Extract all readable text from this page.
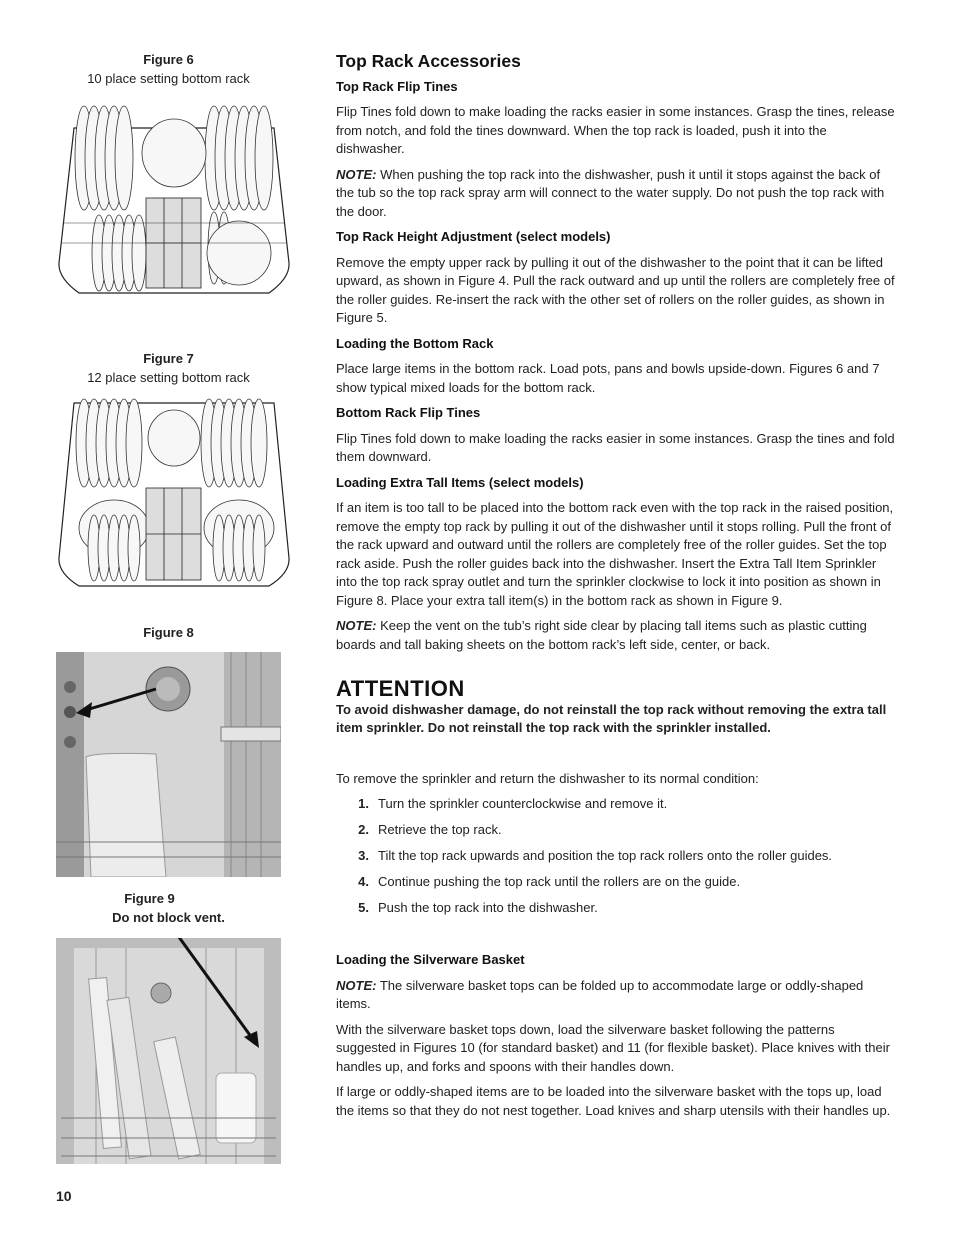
Figure 6
10 place setting bottom rack
Figure 7
12 place setting bottom rack
Figure 8
Figure 9
Do not block vent.
Top Rack Accessories
Top Rack Flip Tines

Flip Tines fold down to make loading the racks easier in some instances. Grasp the tines, release from notch, and fold the tines downward. When the top rack is loaded, push it into the dishwasher.

NOTE: When pushing the top rack into the dishwasher, push it until it stops against the back of the tub so the top rack spray arm will connect to the water supply. Do not push the top rack with the door.

Top Rack Height Adjustment (select models)

Remove the empty upper rack by pulling it out of the dishwasher to the point that it can be lifted upward, as shown in Figure 4. Pull the rack outward and up until the rollers are completely free of the roller guides. Re-insert the rack with the other set of rollers on the roller guides, as shown in Figure 5.

Loading the Bottom Rack

Place large items in the bottom rack. Load pots, pans and bowls upside-down. Figures 6 and 7 show typical mixed loads for the bottom rack.

Bottom Rack Flip Tines

Flip Tines fold down to make loading the racks easier in some instances. Grasp the tines and fold them downward.

Loading Extra Tall Items (select models)

If an item is too tall to be placed into the bottom rack even with the top rack in the raised position, remove the empty top rack by pulling it out of the dishwasher until it stops rolling. Pull the front of the rack upward and outward until the rollers are completely free of the roller guides. Set the top rack aside. Push the roller guides back into the dishwasher. Insert the Extra Tall Item Sprinkler into the top rack spray outlet and turn the sprinkler clockwise to lock it into position as shown in Figure 8. Place your extra tall item(s) in the bottom rack as shown in Figure 9.

NOTE: Keep the vent on the tub’s right side clear by placing tall items such as plastic cutting boards and tall baking sheets on the bottom rack’s left side, center, or back.

ATTENTION

To avoid dishwasher damage, do not reinstall the top rack without removing the extra tall item sprinkler. Do not reinstall the top rack with the sprinkler installed.

To remove the sprinkler and return the dishwasher to its normal condition:

1. Turn the sprinkler counterclockwise and remove it.
2. Retrieve the top rack.
3. Tilt the top rack upwards and position the top rack rollers onto the roller guides.
4. Continue pushing the top rack until the rollers are on the guide.
5. Push the top rack into the dishwasher.
Loading the Silverware Basket

NOTE: The silverware basket tops can be folded up to accommodate large or oddly-shaped items.

With the silverware basket tops down, load the silverware basket following the patterns suggested in Figures 10 (for standard basket) and 11 (for flexible basket). Place knives with their handles up, and forks and spoons with their handles down.

If large or oddly-shaped items are to be loaded into the silverware basket with the tops up, load the items so that they do not nest together. Load knives and sharp utensils with their handles up.

10
